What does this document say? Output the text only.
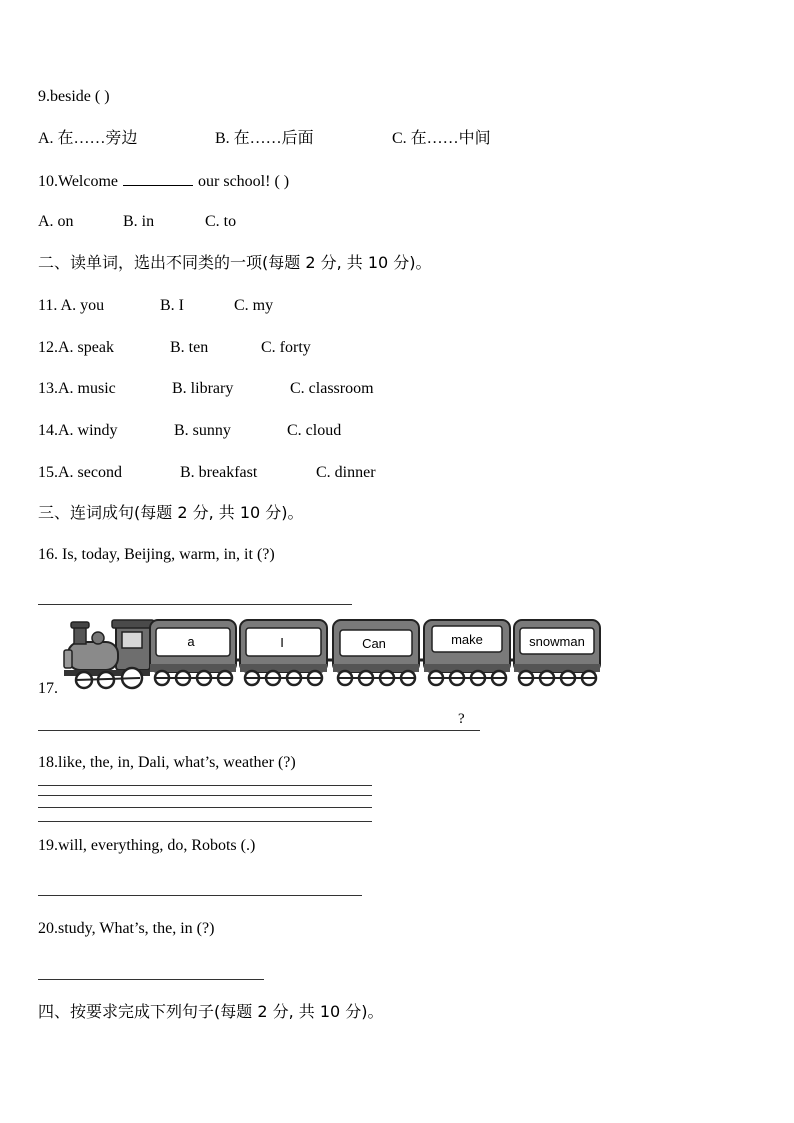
9.beside ( )
A. 在……旁边	B. 在……后面	C. 在……中间
10.Welcome	our school! ( )
A. on	B. in	C. to
二、读单词，选出不同类的一项(每题 2 分, 共 10 分)。
11. A. you	B. I	C. my
12.A. speak	B. ten	C. forty
13.A. music	B. library	C. classroom
14.A. windy	B. sunny	C. cloud
15.A. second	B. breakfast	C. dinner
三、连词成句(每题 2 分, 共 10 分)。
16. Is, today, Beijing, warm, in, it (?)
17.
a	I	Can	make	snowman
?
18.like, the, in, Dali, what’s, weather (?)
19.will, everything, do, Robots (.)
20.study, What’s, the, in (?)
四、按要求完成下列句子(每题 2 分, 共 10 分)。
